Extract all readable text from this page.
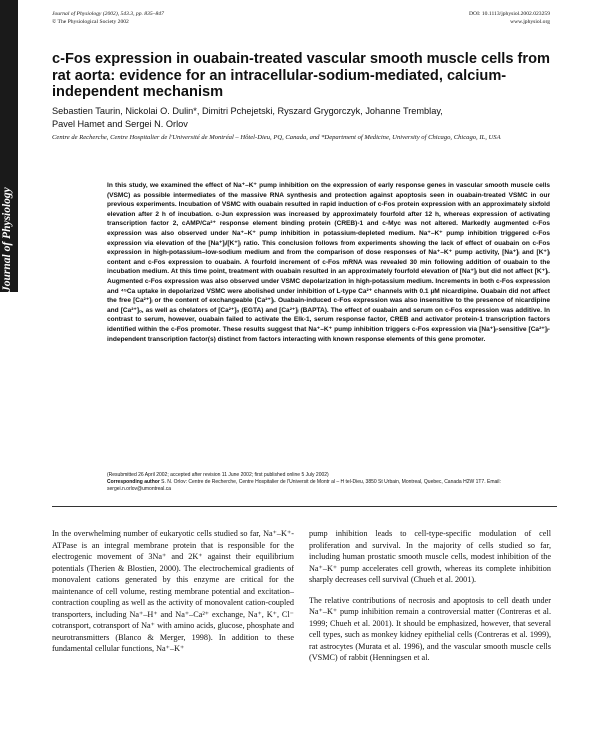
Journal of Physiology
Journal of Physiology (2002), 543.3, pp. 835–847
© The Physiological Society 2002
DOI: 10.1113/jphysiol.2002.023259
www.jphysiol.org
c-Fos expression in ouabain-treated vascular smooth muscle cells from rat aorta: evidence for an intracellular-sodium-mediated, calcium-independent mechanism
Sebastien Taurin, Nickolai O. Dulin*, Dimitri Pchejetski, Ryszard Grygorczyk, Johanne Tremblay,
Pavel Hamet and Sergei N. Orlov
Centre de Recherche, Centre Hospitalier de l'Université de Montréal – Hôtel-Dieu, PQ, Canada, and *Department of Medicine, University of Chicago, Chicago, IL, USA

In this study, we examined the effect of Na⁺–K⁺ pump inhibition on the expression of early response genes in vascular smooth muscle cells (VSMC) as possible intermediates of the massive RNA synthesis and protection against apoptosis seen in ouabain-treated VSMC in our previous experiments. Incubation of VSMC with ouabain resulted in rapid induction of c-Fos protein expression with an approximately sixfold elevation after 2 h of incubation. c-Jun expression was increased by approximately fourfold after 12 h, whereas expression of activating transcription factor 2, cAMP/Ca²⁺ response element binding protein (CREB)-1 and c-Myc was not altered. Markedly augmented c-Fos expression was also observed under Na⁺–K⁺ pump inhibition in potassium-depleted medium. Na⁺–K⁺ pump inhibition triggered c-Fos expression via elevation of the [Na⁺]ᵢ/[K⁺]ᵢ ratio. This conclusion follows from experiments showing the lack of effect of ouabain on c-Fos expression in high-potassium–low-sodium medium and from the comparison of dose responses of Na⁺–K⁺ pump activity, [Na⁺]ᵢ and [K⁺]ᵢ content and c-Fos expression to ouabain. A fourfold increment of c-Fos mRNA was revealed 30 min following addition of ouabain to the incubation medium. At this time point, treatment with ouabain resulted in an approximately fourfold elevation of [Na⁺]ᵢ but did not affect [K⁺]ᵢ. Augmented c-Fos expression was also observed under VSMC depolarization in high-potassium medium. Increments in both c-Fos expression and ⁴⁵Ca uptake in depolarized VSMC were abolished under inhibition of L-type Ca²⁺ channels with 0.1 µM nicardipine. Ouabain did not affect the free [Ca²⁺]ᵢ or the content of exchangeable [Ca²⁺]ᵢ. Ouabain-induced c-Fos expression was also insensitive to the presence of nicardipine and [Ca²⁺]ₒ, as well as chelators of [Ca²⁺]ₒ (EGTA) and [Ca²⁺]ᵢ (BAPTA). The effect of ouabain and serum on c-Fos expression was additive. In contrast to serum, however, ouabain failed to activate the Elk-1, serum response factor, CREB and activator protein-1 transcription factors identified within the c-Fos promoter. These results suggest that Na⁺–K⁺ pump inhibition triggers c-Fos expression via [Na⁺]ᵢ-sensitive [Ca²⁺]ᵢ-independent transcription factor(s) distinct from factors interacting with known response elements of this gene promoter.

(Resubmitted 26 April 2002; accepted after revision 11 June 2002; first published online 5 July 2002)
Corresponding author S. N. Orlov: Centre de Recherche, Centre Hospitalier de l'Universit de Montr al – H tel-Dieu, 3850 St Urbain, Montreal, Quebec, Canada H2W 1T7. Email: sergei.n.orlov@umontreal.ca

In the overwhelming number of eukaryotic cells studied so far, Na⁺–K⁺-ATPase is an integral membrane protein that is responsible for the electrogenic movement of 3Na⁺ and 2K⁺ against their equilibrium potentials (Therien & Blostien, 2000). The electrochemical gradients of monovalent cations generated by this enzyme are critical for the maintenance of cell volume, resting membrane potential and excitation–contraction coupling as well as the activity of monovalent cation-coupled transporters, including Na⁺–H⁺ and Na⁺–Ca²⁺ exchange, Na⁺, K⁺, Cl⁻ cotransport, cotransport of Na⁺ with amino acids, glucose, phosphate and neurotransmitters (Blanco & Merger, 1998). In addition to these fundamental cellular functions, Na⁺–K⁺

pump inhibition leads to cell-type-specific modulation of cell proliferation and survival. In the majority of cells studied so far, including human prostatic smooth muscle cells, modest inhibition of the Na⁺–K⁺ pump accelerates cell growth, whereas its complete inhibition sharply decreases cell survival (Chueh et al. 2001).

The relative contributions of necrosis and apoptosis to cell death under Na⁺–K⁺ pump inhibition remain a controversial matter (Contreras et al. 1999; Chueh et al. 2001). It should be emphasized, however, that several cell types, such as monkey kidney epithelial cells (Contreras et al. 1999), rat astrocytes (Murata et al. 1996), and the vascular smooth muscle cells (VSMC) of rabbit (Henningsen et al.
